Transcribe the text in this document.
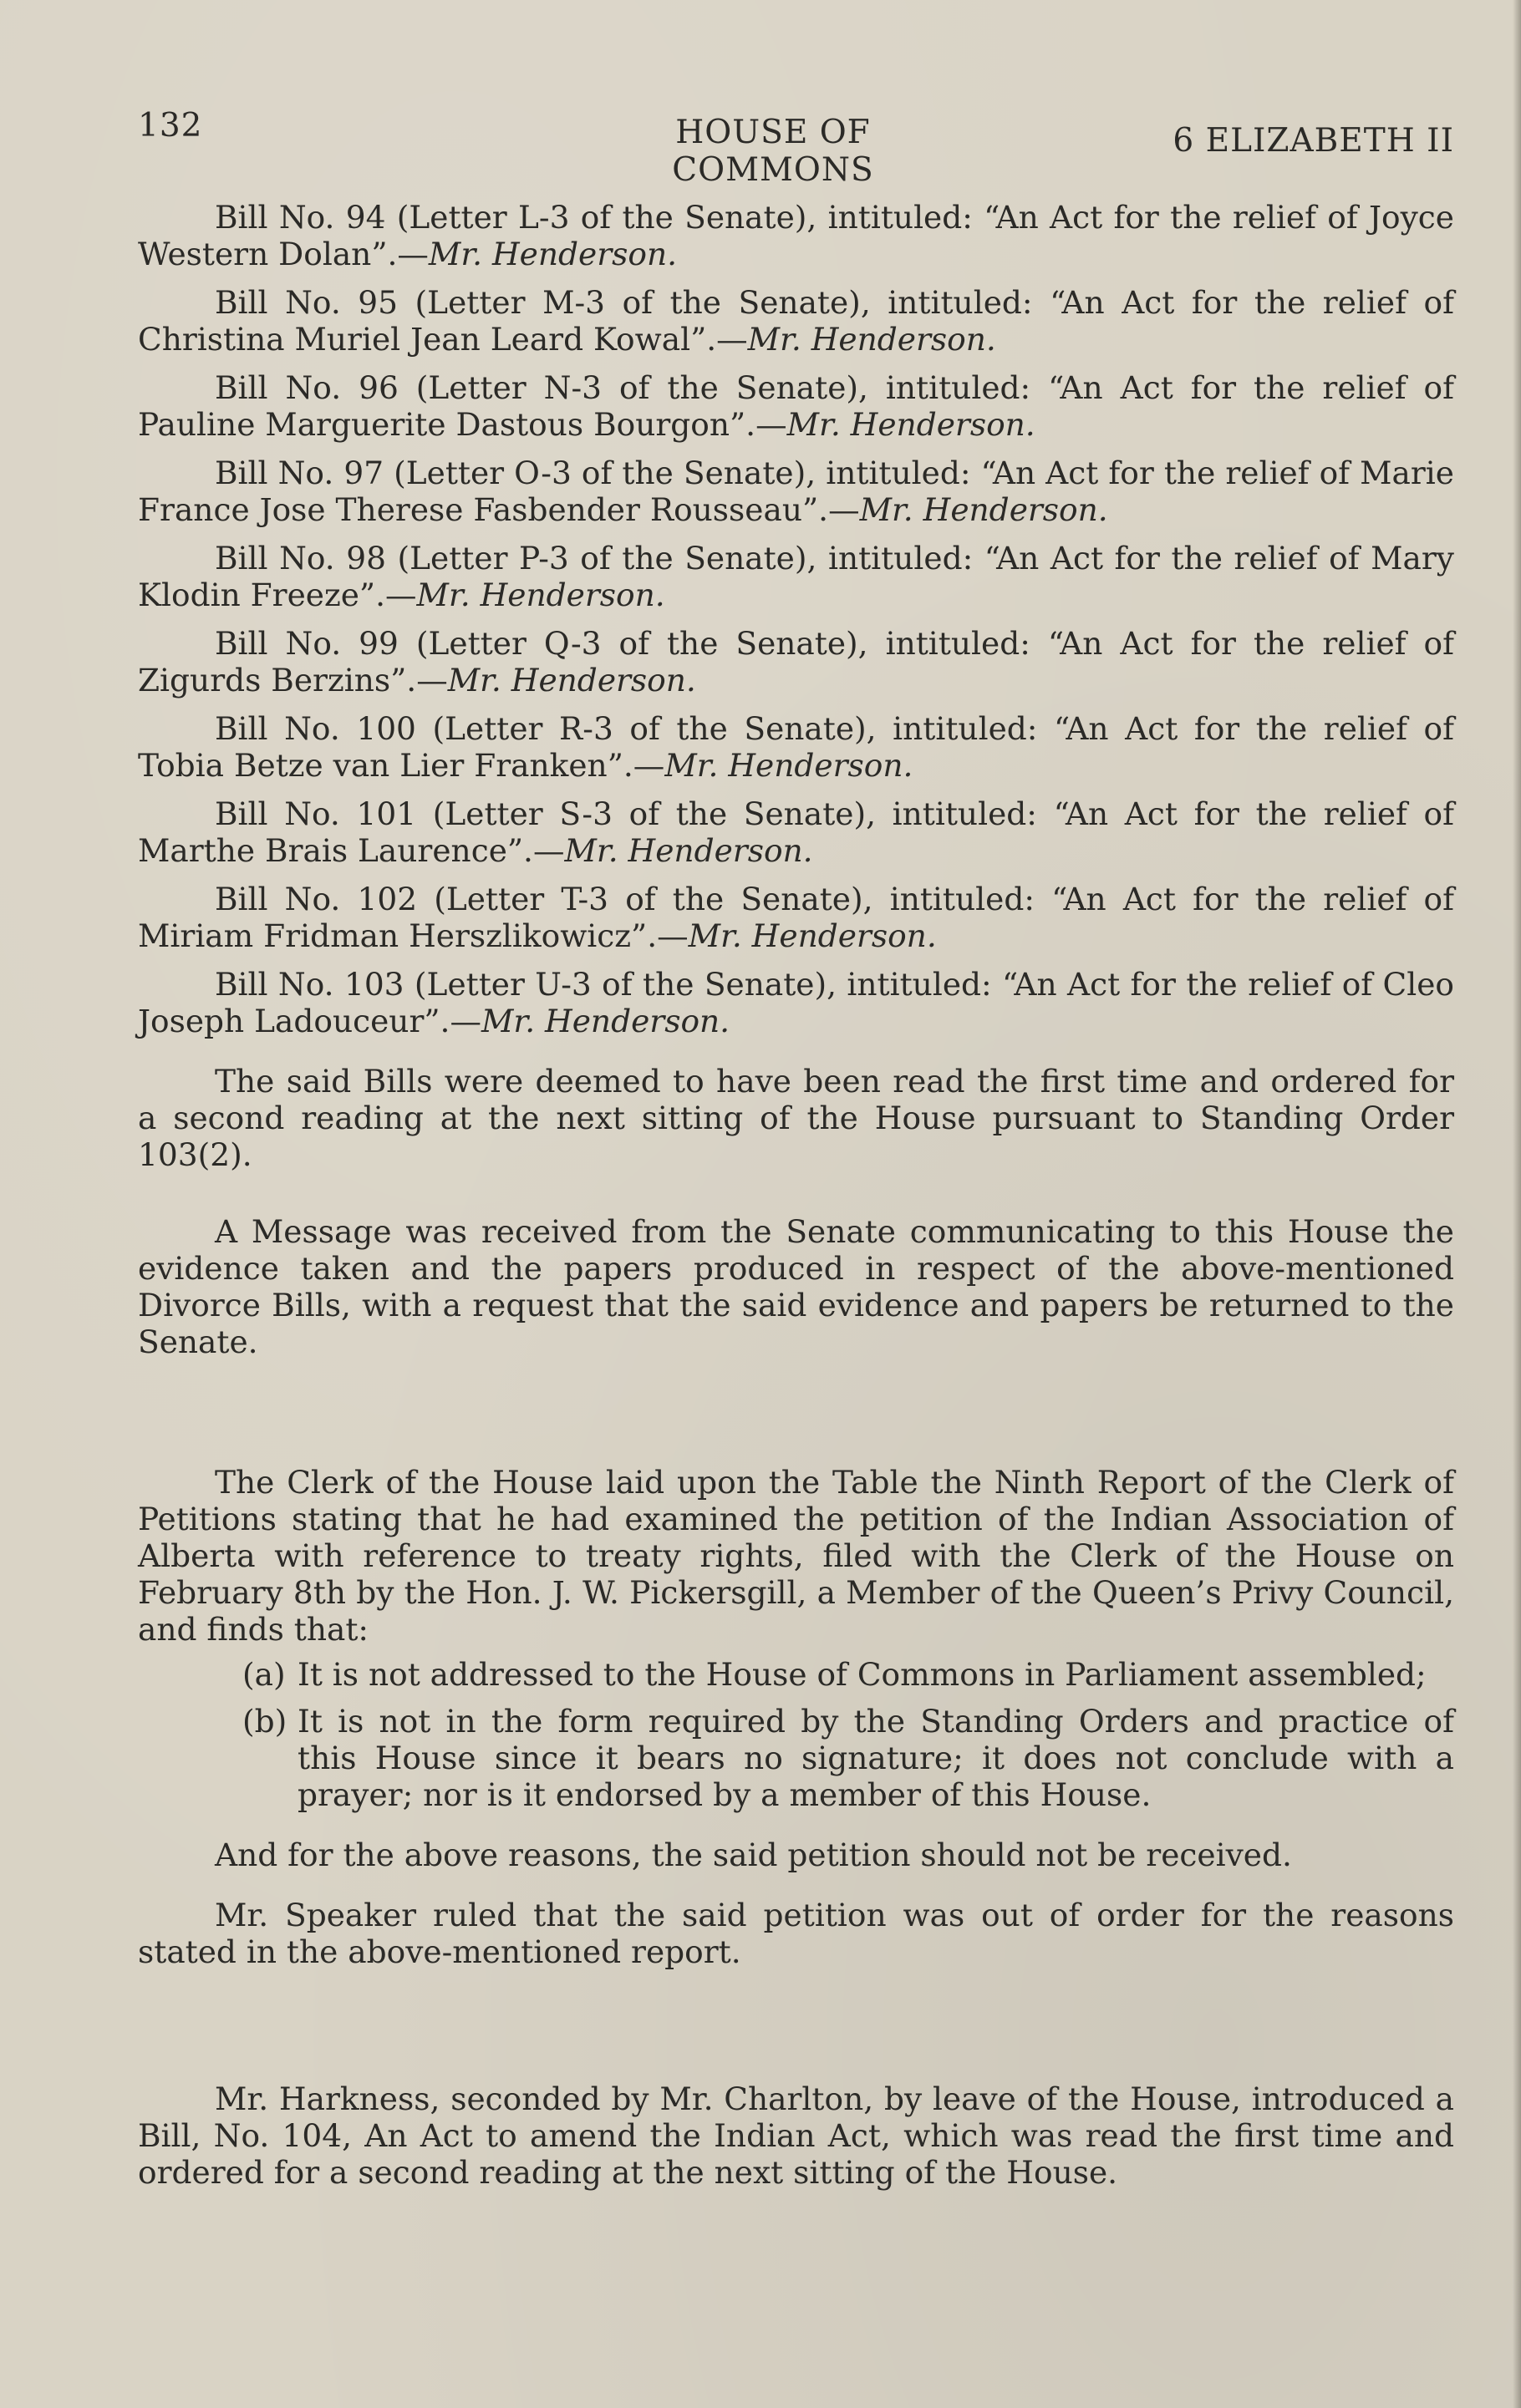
132	HOUSE OF COMMONS
6 ELIZABETH II

Bill No. 94 (Letter L-3 of the Senate), intituled: “An Act for the relief of Joyce Western Dolan”.—Mr. Henderson.

Bill No. 95 (Letter M-3 of the Senate), intituled: “An Act for the relief of Christina Muriel Jean Leard Kowal”.—Mr. Henderson.

Bill No. 96 (Letter N-3 of the Senate), intituled: “An Act for the relief of Pauline Marguerite Dastous Bourgon”.—Mr. Henderson.

Bill No. 97 (Letter O-3 of the Senate), intituled: “An Act for the relief of Marie France Jose Therese Fasbender Rousseau”.—Mr. Henderson.

Bill No. 98 (Letter P-3 of the Senate), intituled: “An Act for the relief of Mary Klodin Freeze”.—Mr. Henderson.

Bill No. 99 (Letter Q-3 of the Senate), intituled: “An Act for the relief of Zigurds Berzins”.—Mr. Henderson.

Bill No. 100 (Letter R-3 of the Senate), intituled: “An Act for the relief of Tobia Betze van Lier Franken”.—Mr. Henderson.

Bill No. 101 (Letter S-3 of the Senate), intituled: “An Act for the relief of Marthe Brais Laurence”.—Mr. Henderson.

Bill No. 102 (Letter T-3 of the Senate), intituled: “An Act for the relief of Miriam Fridman Herszlikowicz”.—Mr. Henderson.

Bill No. 103 (Letter U-3 of the Senate), intituled: “An Act for the relief of Cleo Joseph Ladouceur”.—Mr. Henderson.

The said Bills were deemed to have been read the first time and ordered for a second reading at the next sitting of the House pursuant to Standing Order 103(2).

A Message was received from the Senate communicating to this House the evidence taken and the papers produced in respect of the above-mentioned Divorce Bills, with a request that the said evidence and papers be returned to the Senate.

The Clerk of the House laid upon the Table the Ninth Report of the Clerk of Petitions stating that he had examined the petition of the Indian Association of Alberta with reference to treaty rights, filed with the Clerk of the House on February 8th by the Hon. J. W. Pickersgill, a Member of the Queen’s Privy Council, and finds that:

(a) It is not addressed to the House of Commons in Parliament assembled;
(b) It is not in the form required by the Standing Orders and practice of this House since it bears no signature; it does not conclude with a prayer; nor is it endorsed by a member of this House.

And for the above reasons, the said petition should not be received.

Mr. Speaker ruled that the said petition was out of order for the reasons stated in the above-mentioned report.

Mr. Harkness, seconded by Mr. Charlton, by leave of the House, introduced a Bill, No. 104, An Act to amend the Indian Act, which was read the first time and ordered for a second reading at the next sitting of the House.
